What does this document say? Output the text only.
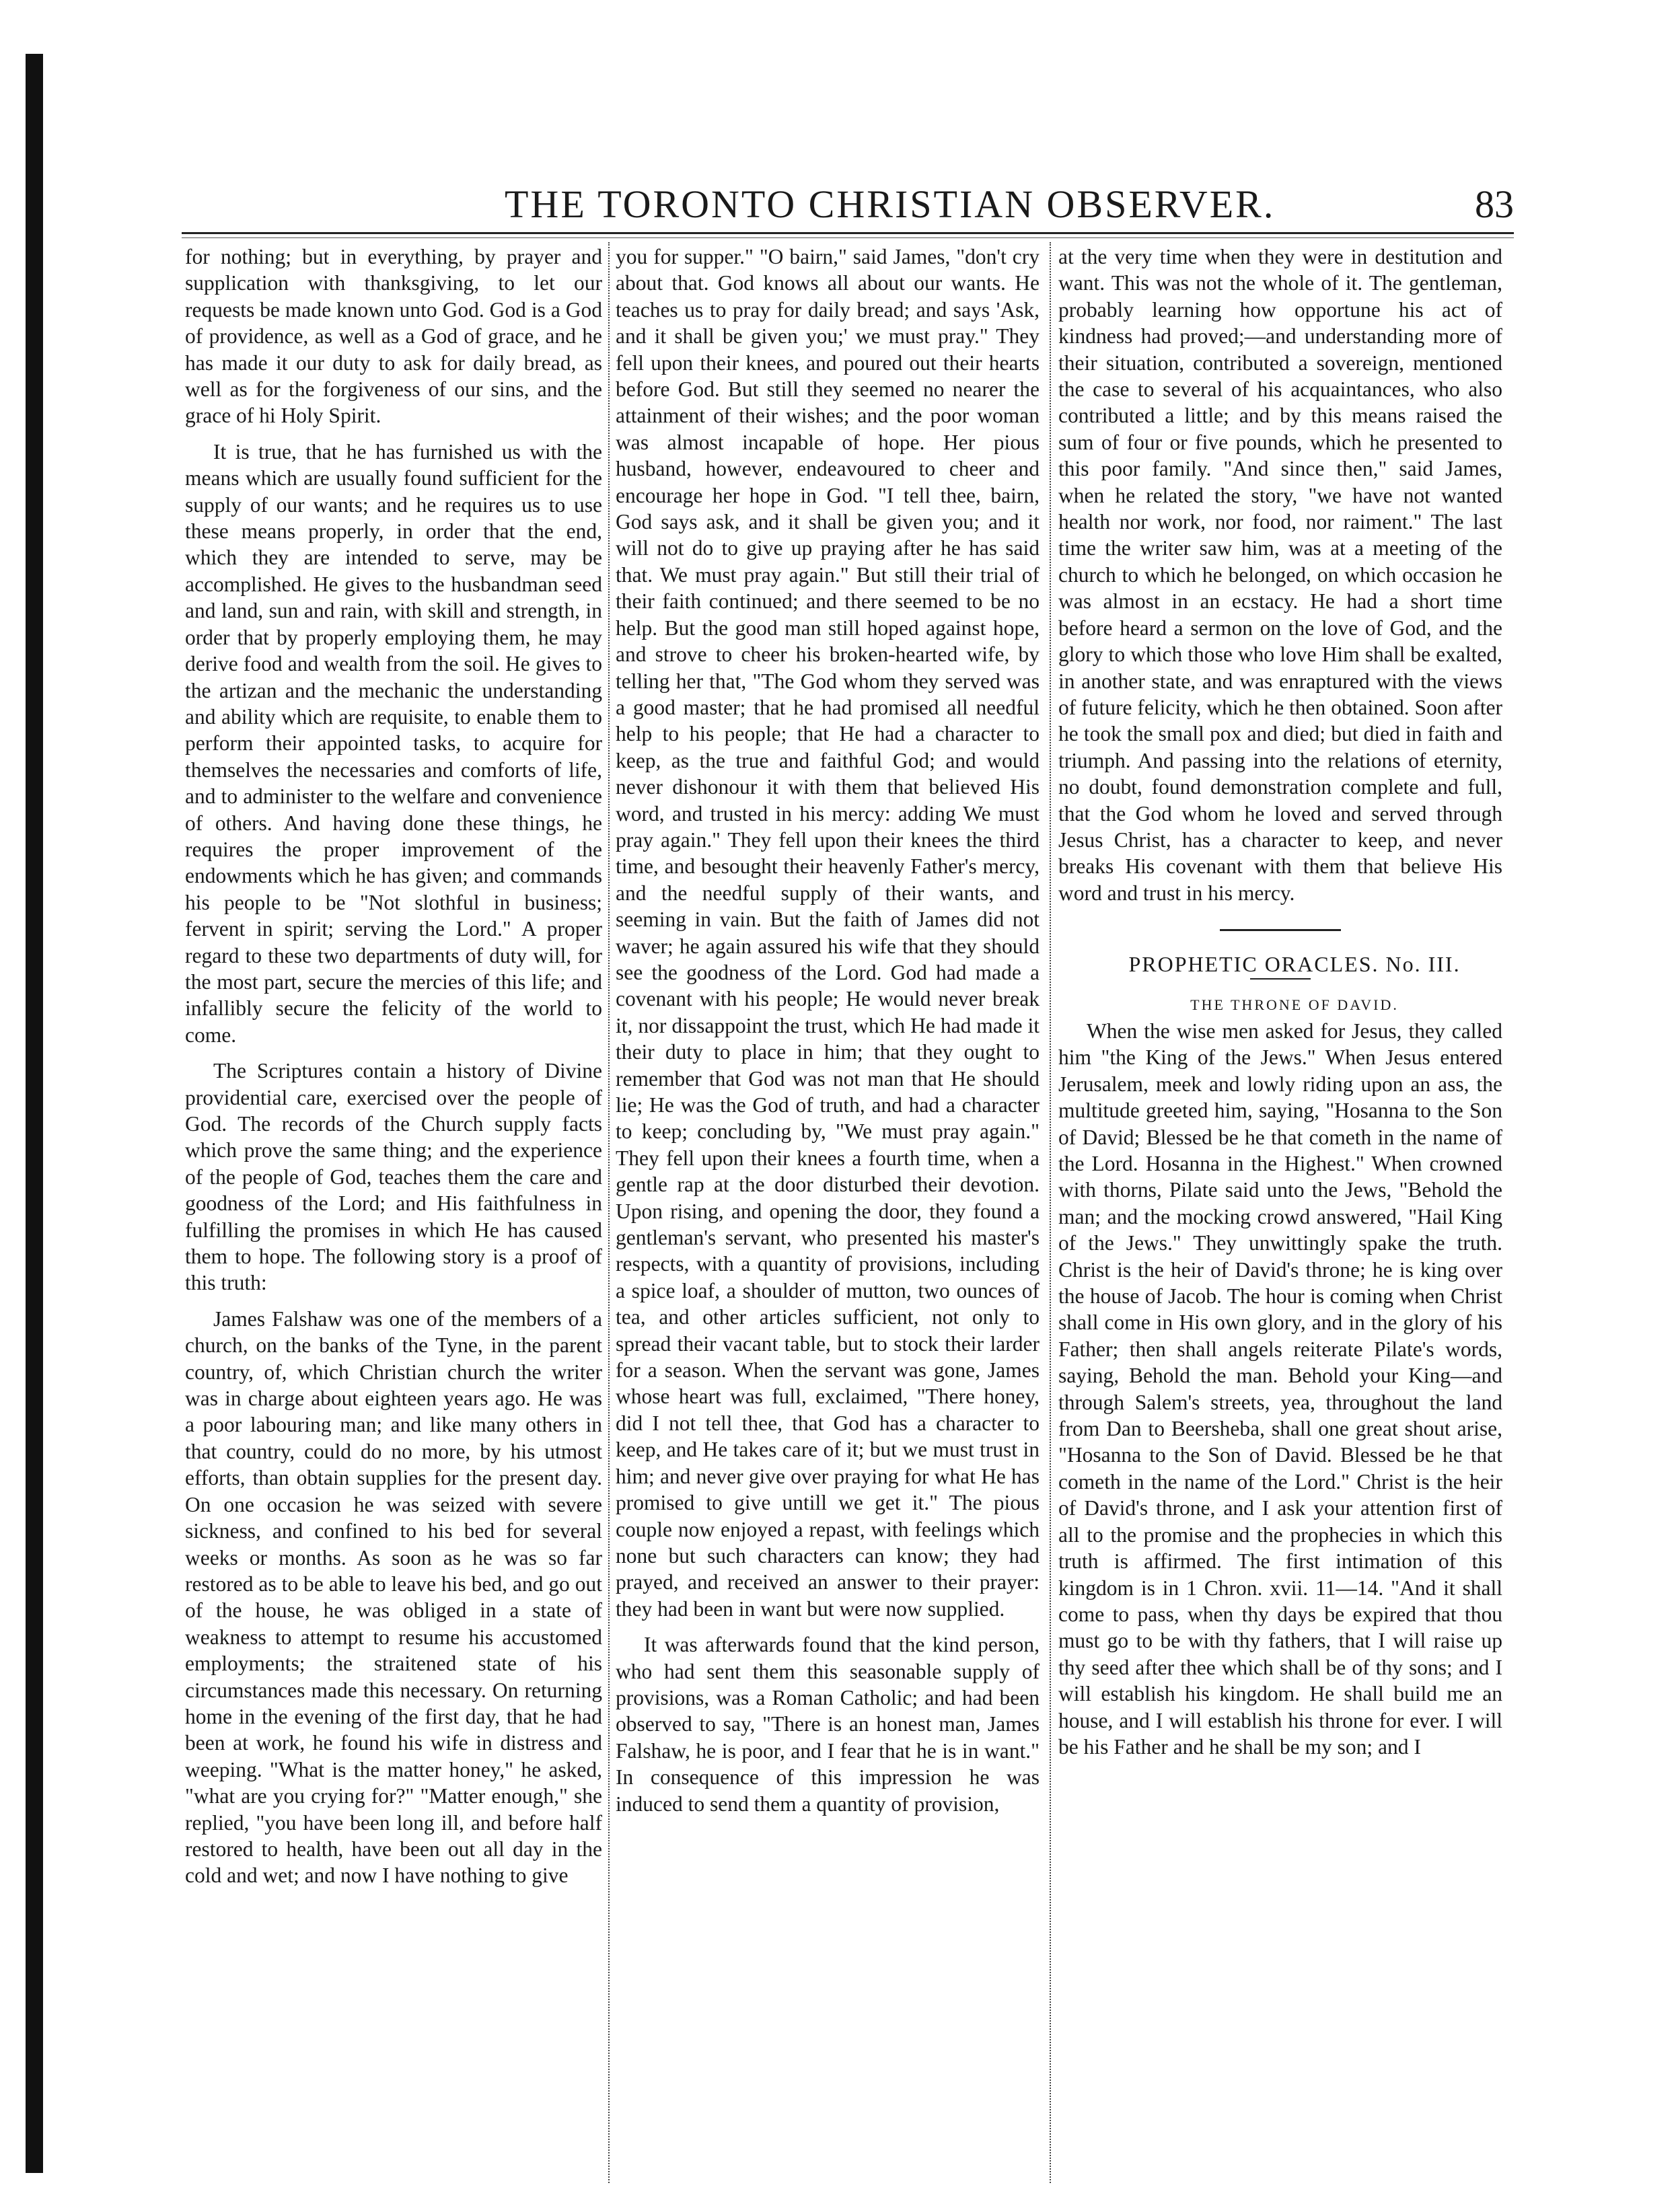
THE TORONTO CHRISTIAN OBSERVER.	83

for nothing; but in everything, by prayer and supplication with thanksgiving, to let our requests be made known unto God. God is a God of providence, as well as a God of grace, and he has made it our duty to ask for daily bread, as well as for the forgiveness of our sins, and the grace of hi Holy Spirit.

It is true, that he has furnished us with the means which are usually found sufficient for the supply of our wants; and he requires us to use these means properly, in order that the end, which they are intended to serve, may be accomplished. He gives to the husbandman seed and land, sun and rain, with skill and strength, in order that by properly employing them, he may derive food and wealth from the soil. He gives to the artizan and the mechanic the understanding and ability which are requisite, to enable them to perform their appointed tasks, to acquire for themselves the necessaries and comforts of life, and to administer to the welfare and convenience of others. And having done these things, he requires the proper improvement of the endowments which he has given; and commands his people to be "Not slothful in business; fervent in spirit; serving the Lord." A proper regard to these two departments of duty will, for the most part, secure the mercies of this life; and infallibly secure the felicity of the world to come.

The Scriptures contain a history of Divine providential care, exercised over the people of God. The records of the Church supply facts which prove the same thing; and the experience of the people of God, teaches them the care and goodness of the Lord; and His faithfulness in fulfilling the promises in which He has caused them to hope. The following story is a proof of this truth:

James Falshaw was one of the members of a church, on the banks of the Tyne, in the parent country, of, which Christian church the writer was in charge about eighteen years ago. He was a poor labouring man; and like many others in that country, could do no more, by his utmost efforts, than obtain supplies for the present day. On one occasion he was seized with severe sickness, and confined to his bed for several weeks or months. As soon as he was so far restored as to be able to leave his bed, and go out of the house, he was obliged in a state of weakness to attempt to resume his accustomed employments; the straitened state of his circumstances made this necessary. On returning home in the evening of the first day, that he had been at work, he found his wife in distress and weeping. "What is the matter honey," he asked, "what are you crying for?" "Matter enough," she replied, "you have been long ill, and before half restored to health, have been out all day in the cold and wet; and now I have nothing to give

you for supper." "O bairn," said James, "don't cry about that. God knows all about our wants. He teaches us to pray for daily bread; and says 'Ask, and it shall be given you;' we must pray." They fell upon their knees, and poured out their hearts before God. But still they seemed no nearer the attainment of their wishes; and the poor woman was almost incapable of hope. Her pious husband, however, endeavoured to cheer and encourage her hope in God. "I tell thee, bairn, God says ask, and it shall be given you; and it will not do to give up praying after he has said that. We must pray again." But still their trial of their faith continued; and there seemed to be no help. But the good man still hoped against hope, and strove to cheer his broken-hearted wife, by telling her that, "The God whom they served was a good master; that he had promised all needful help to his people; that He had a character to keep, as the true and faithful God; and would never dishonour it with them that believed His word, and trusted in his mercy: adding We must pray again." They fell upon their knees the third time, and besought their heavenly Father's mercy, and the needful supply of their wants, and seeming in vain. But the faith of James did not waver; he again assured his wife that they should see the goodness of the Lord. God had made a covenant with his people; He would never break it, nor dissappoint the trust, which He had made it their duty to place in him; that they ought to remember that God was not man that He should lie; He was the God of truth, and had a character to keep; concluding by, "We must pray again." They fell upon their knees a fourth time, when a gentle rap at the door disturbed their devotion. Upon rising, and opening the door, they found a gentleman's servant, who presented his master's respects, with a quantity of provisions, including a spice loaf, a shoulder of mutton, two ounces of tea, and other articles sufficient, not only to spread their vacant table, but to stock their larder for a season. When the servant was gone, James whose heart was full, exclaimed, "There honey, did I not tell thee, that God has a character to keep, and He takes care of it; but we must trust in him; and never give over praying for what He has promised to give untill we get it." The pious couple now enjoyed a repast, with feelings which none but such characters can know; they had prayed, and received an answer to their prayer: they had been in want but were now supplied.

It was afterwards found that the kind person, who had sent them this seasonable supply of provisions, was a Roman Catholic; and had been observed to say, "There is an honest man, James Falshaw, he is poor, and I fear that he is in want." In consequence of this impression he was induced to send them a quantity of provision,

at the very time when they were in destitution and want. This was not the whole of it. The gentleman, probably learning how opportune his act of kindness had proved;—and understanding more of their situation, contributed a sovereign, mentioned the case to several of his acquaintances, who also contributed a little; and by this means raised the sum of four or five pounds, which he presented to this poor family. "And since then," said James, when he related the story, "we have not wanted health nor work, nor food, nor raiment." The last time the writer saw him, was at a meeting of the church to which he belonged, on which occasion he was almost in an ecstacy. He had a short time before heard a sermon on the love of God, and the glory to which those who love Him shall be exalted, in another state, and was enraptured with the views of future felicity, which he then obtained. Soon after he took the small pox and died; but died in faith and triumph. And passing into the relations of eternity, no doubt, found demonstration complete and full, that the God whom he loved and served through Jesus Christ, has a character to keep, and never breaks His covenant with them that believe His word and trust in his mercy.

PROPHETIC ORACLES. No. III.

THE THRONE OF DAVID.

When the wise men asked for Jesus, they called him "the King of the Jews." When Jesus entered Jerusalem, meek and lowly riding upon an ass, the multitude greeted him, saying, "Hosanna to the Son of David; Blessed be he that cometh in the name of the Lord. Hosanna in the Highest." When crowned with thorns, Pilate said unto the Jews, "Behold the man; and the mocking crowd answered, "Hail King of the Jews." They unwittingly spake the truth. Christ is the heir of David's throne; he is king over the house of Jacob. The hour is coming when Christ shall come in His own glory, and in the glory of his Father; then shall angels reiterate Pilate's words, saying, Behold the man. Behold your King—and through Salem's streets, yea, throughout the land from Dan to Beersheba, shall one great shout arise, "Hosanna to the Son of David. Blessed be he that cometh in the name of the Lord." Christ is the heir of David's throne, and I ask your attention first of all to the promise and the prophecies in which this truth is affirmed. The first intimation of this kingdom is in 1 Chron. xvii. 11—14. "And it shall come to pass, when thy days be expired that thou must go to be with thy fathers, that I will raise up thy seed after thee which shall be of thy sons; and I will establish his kingdom. He shall build me an house, and I will establish his throne for ever. I will be his Father and he shall be my son; and I
